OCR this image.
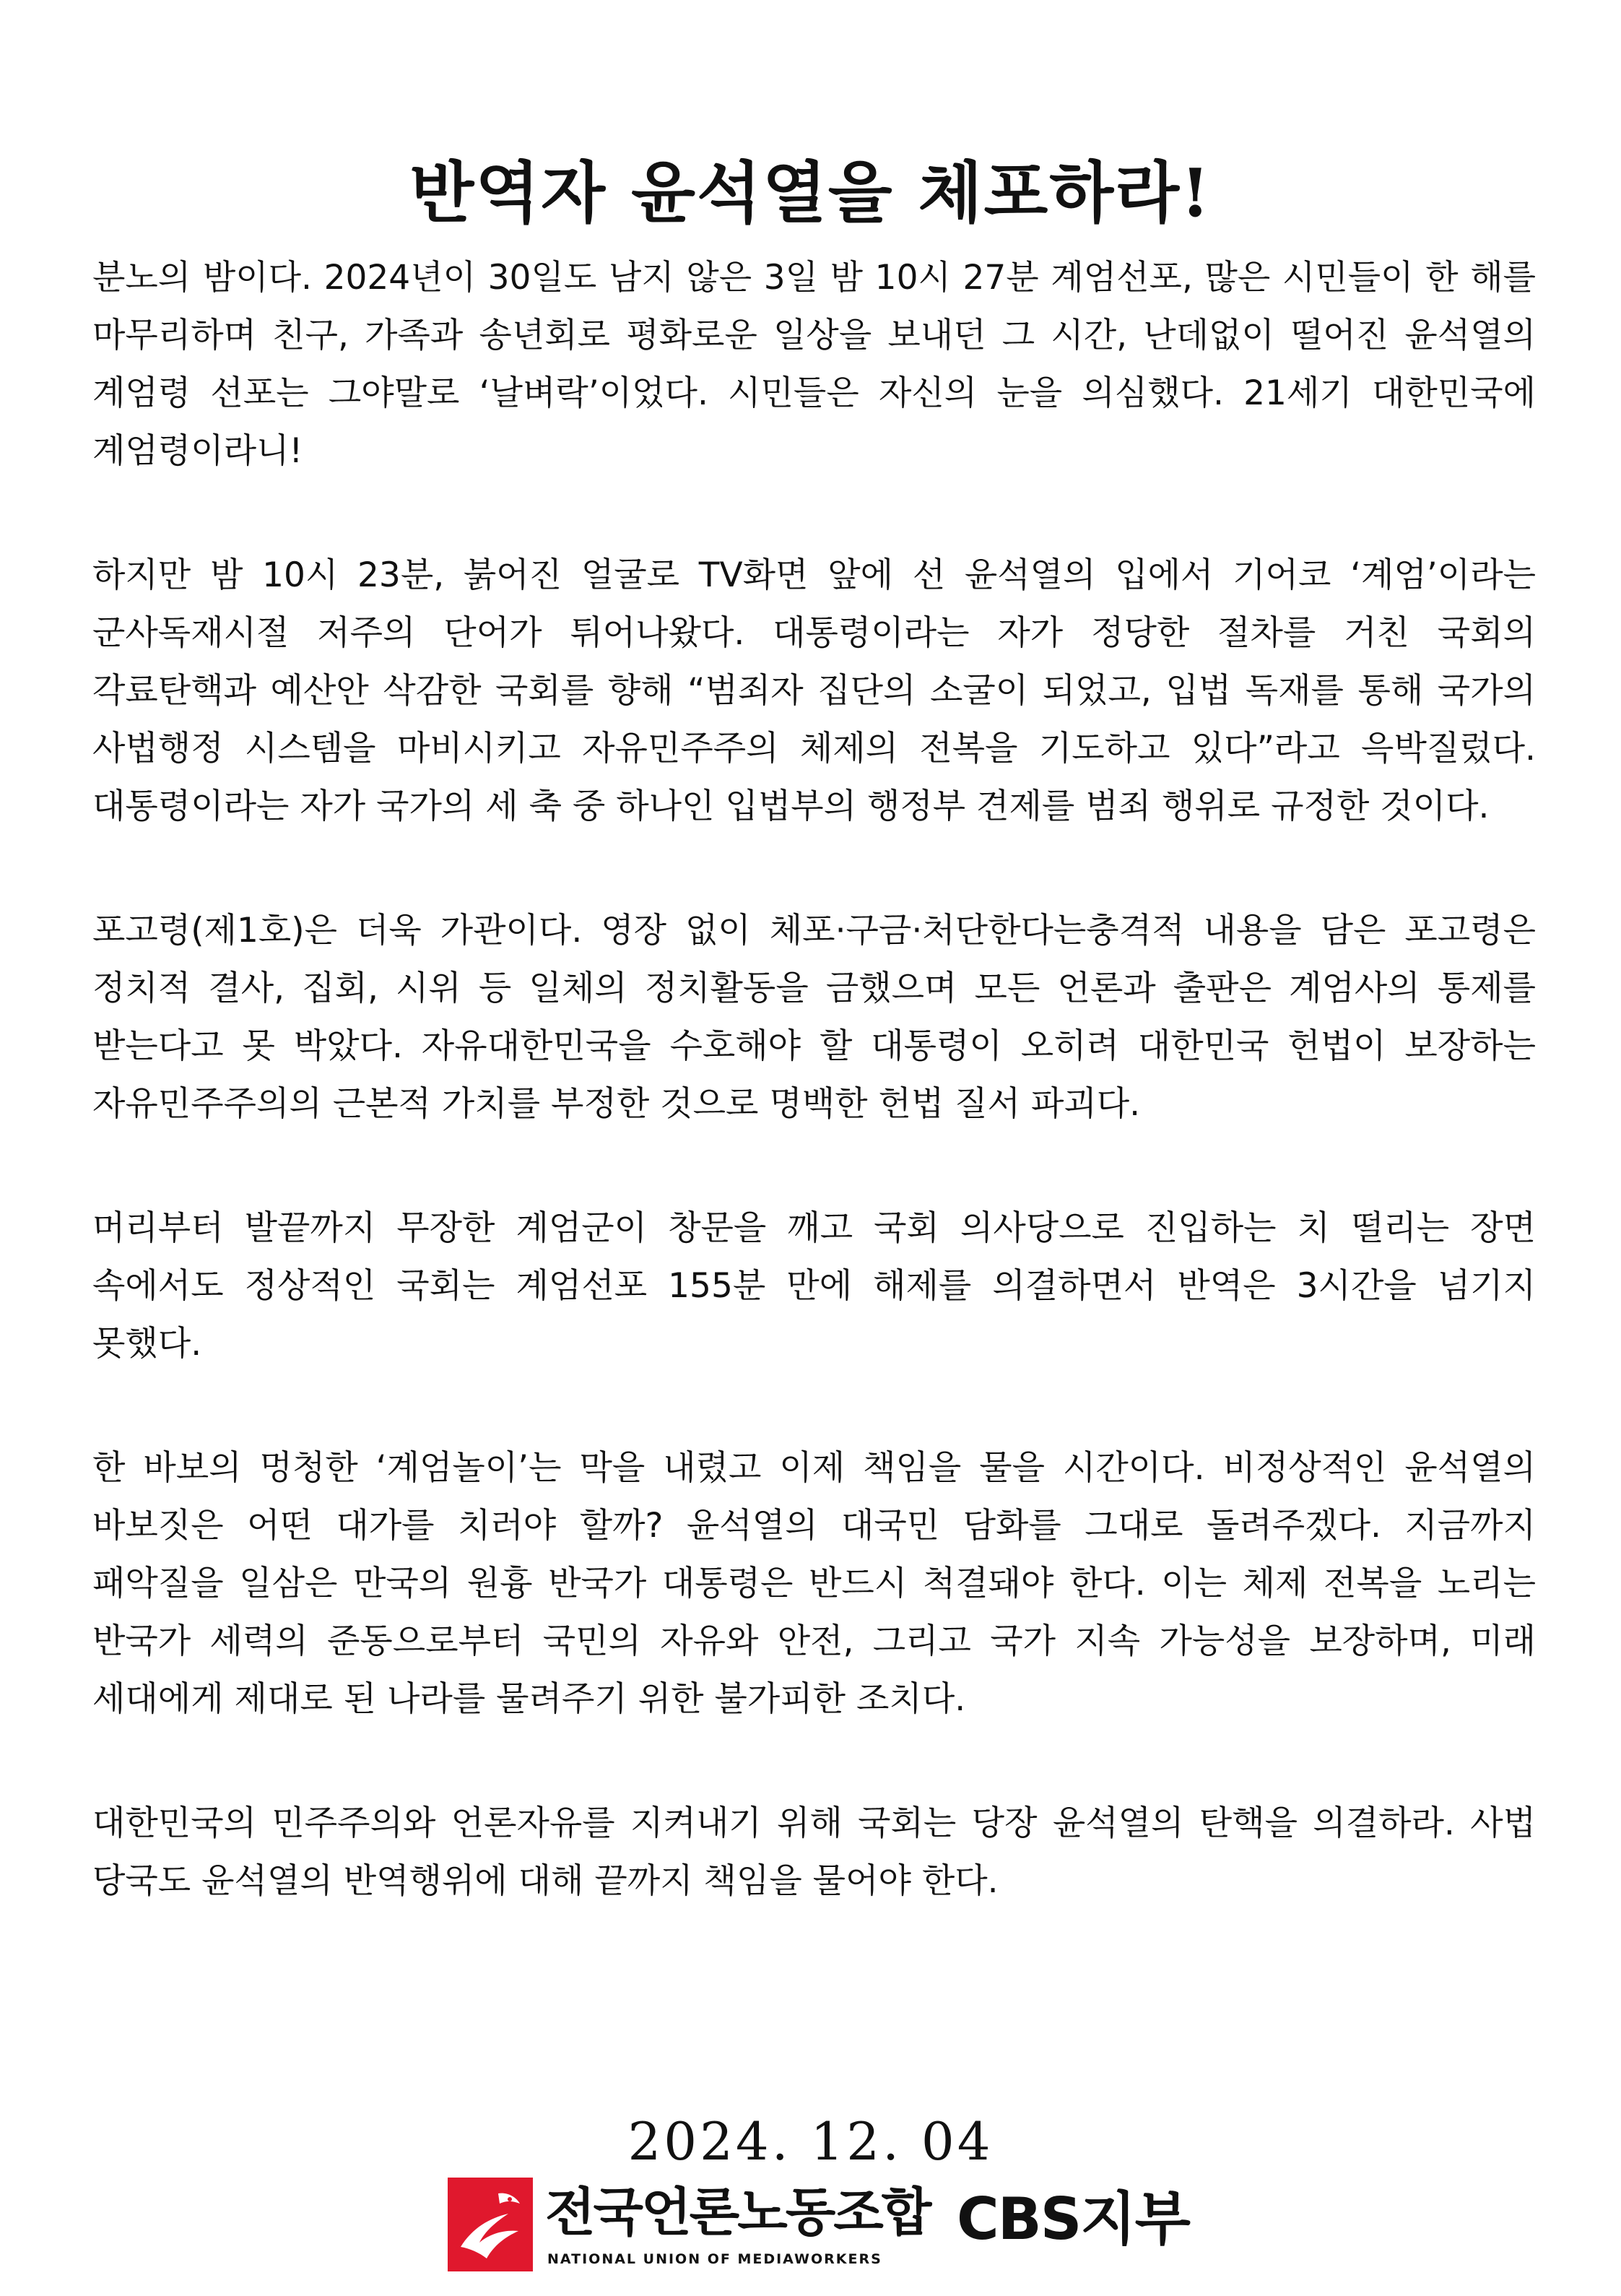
반역자 윤석열을 체포하라!

분노의 밤이다. 2024년이 30일도 남지 않은 3일 밤 10시 27분 계엄선포, 많은 시민들이 한 해를 마무리하며 친구, 가족과 송년회로 평화로운 일상을 보내던 그 시간, 난데없이 떨어진 윤석열의 계엄령 선포는 그야말로 ‘날벼락’이었다. 시민들은 자신의 눈을 의심했다. 21세기 대한민국에 계엄령이라니!

하지만 밤 10시 23분, 붉어진 얼굴로 TV화면 앞에 선 윤석열의 입에서 기어코 ‘계엄’이라는 군사독재시절 저주의 단어가 튀어나왔다. 대통령이라는 자가 정당한 절차를 거친 국회의 각료탄핵과 예산안 삭감한 국회를 향해 “범죄자 집단의 소굴이 되었고, 입법 독재를 통해 국가의 사법행정 시스템을 마비시키고 자유민주주의 체제의 전복을 기도하고 있다”라고 윽박질렀다. 대통령이라는 자가 국가의 세 축 중 하나인 입법부의 행정부 견제를 범죄 행위로 규정한 것이다.

포고령(제1호)은 더욱 가관이다. 영장 없이 체포·구금·처단한다는충격적 내용을 담은 포고령은 정치적 결사, 집회, 시위 등 일체의 정치활동을 금했으며 모든 언론과 출판은 계엄사의 통제를 받는다고 못 박았다. 자유대한민국을 수호해야 할 대통령이 오히려 대한민국 헌법이 보장하는 자유민주주의의 근본적 가치를 부정한 것으로 명백한 헌법 질서 파괴다.

머리부터 발끝까지 무장한 계엄군이 창문을 깨고 국회 의사당으로 진입하는 치 떨리는 장면 속에서도 정상적인 국회는 계엄선포 155분 만에 해제를 의결하면서 반역은 3시간을 넘기지 못했다.

한 바보의 멍청한 ‘계엄놀이’는 막을 내렸고 이제 책임을 물을 시간이다. 비정상적인 윤석열의 바보짓은 어떤 대가를 치러야 할까? 윤석열의 대국민 담화를 그대로 돌려주겠다. 지금까지 패악질을 일삼은 만국의 원흉 반국가 대통령은 반드시 척결돼야 한다. 이는 체제 전복을 노리는 반국가 세력의 준동으로부터 국민의 자유와 안전, 그리고 국가 지속 가능성을 보장하며, 미래 세대에게 제대로 된 나라를 물려주기 위한 불가피한 조치다.

대한민국의 민주주의와 언론자유를 지켜내기 위해 국회는 당장 윤석열의 탄핵을 의결하라. 사법 당국도 윤석열의 반역행위에 대해 끝까지 책임을 물어야 한다.

2024. 12. 04
전국언론노동조합
NATIONAL UNION OF MEDIAWORKERS
CBS지부
